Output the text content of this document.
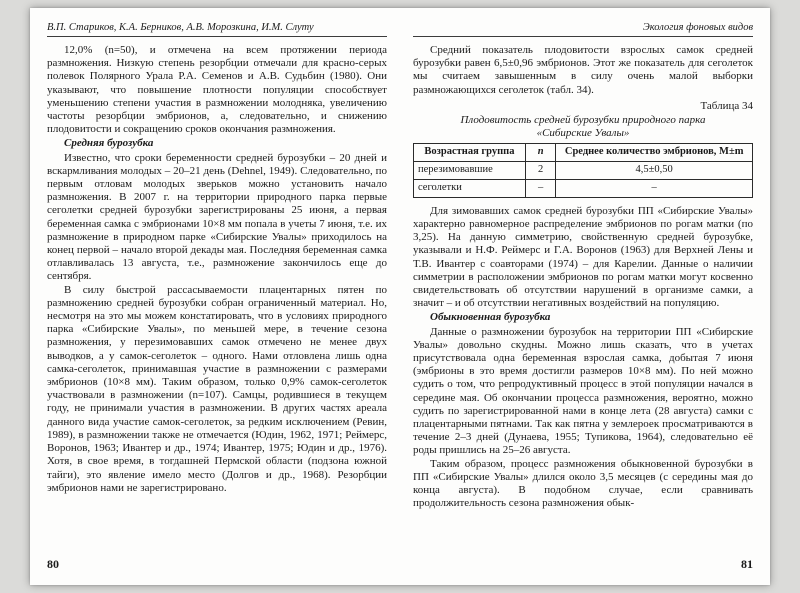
В.П. Стариков, К.А. Берников, А.В. Морозкина, И.М. Слуту

12,0% (n=50), и отмечена на всем протяжении периода размножения. Низкую степень резорбции отмечали для красно-серых полевок Полярного Урала Р.А. Семенов и А.В. Судьбин (1980). Они указывают, что повышение плотности популяции способствует уменьшению степени участия в размножении молодняка, увеличению частоты резорбции эмбрионов, а, следовательно, и снижению плодовитости и сокращению сроков окончания размножения.

Средняя бурозубка

Известно, что сроки беременности средней бурозубки – 20 дней и вскармливания молодых – 20–21 день (Dehnel, 1949). Следовательно, по первым отловам молодых зверьков можно установить начало размножения. В 2007 г. на территории природного парка первые сеголетки средней бурозубки зарегистрированы 25 июня, а первая беременная самка с эмбрионами 10×8 мм попала в учеты 7 июня, т.е. их размножение в природном парке «Сибирские Увалы» приходилось на конец первой – начало второй декады мая. Последняя беременная самка отлавливалась 13 августа, т.е., размножение закончилось еще до сентября.

В силу быстрой рассасываемости плацентарных пятен по размножению средней бурозубки собран ограниченный материал. Но, несмотря на это мы можем констатировать, что в условиях природного парка «Сибирские Увалы», по меньшей мере, в течение сезона размножения, у перезимовавших самок отмечено не менее двух выводков, а у самок-сеголеток – одного. Нами отловлена лишь одна самка-сеголеток, принимавшая участие в размножении с размерами эмбрионов (10×8 мм). Таким образом, только 0,9% самок-сеголеток участвовали в размножении (n=107). Самцы, родившиеся в текущем году, не принимали участия в размножении. В других частях ареала данного вида участие самок-сеголеток, за редким исключением (Ревин, 1989), в размножении также не отмечается (Юдин, 1962, 1971; Реймерс, Воронов, 1963; Ивантер и др., 1974; Ивантер, 1975; Юдин и др., 1976). Хотя, в свое время, в тогдашней Пермской области (подзона южной тайги), это явление имело место (Долгов и др., 1968). Резорбции эмбрионов нами не зарегистрировано.

80
Экология фоновых видов

Средний показатель плодовитости взрослых самок средней бурозубки равен 6,5±0,96 эмбрионов. Этот же показатель для сеголеток мы считаем завышенным в силу очень малой выборки размножающихся сеголеток (табл. 34).

Таблица 34
Плодовитость средней бурозубки природного парка «Сибирские Увалы»
Возрастная группа	n	Среднее количество эмбрионов, M±m
перезимовавшие	2	4,5±0,50
сеголетки	–	–

Для зимовавших самок средней бурозубки ПП «Сибирские Увалы» характерно равномерное распределение эмбрионов по рогам матки (по 3,25). На данную симметрию, свойственную средней бурозубке, указывали и Н.Ф. Реймерс и Г.А. Воронов (1963) для Верхней Лены и Т.В. Ивантер с соавторами (1974) – для Карелии. Данные о наличии симметрии в расположении эмбрионов по рогам матки могут косвенно свидетельствовать об отсутствии нарушений в организме самки, а значит – и об отсутствии негативных воздействий на популяцию.

Обыкновенная бурозубка

Данные о размножении бурозубок на территории ПП «Сибирские Увалы» довольно скудны. Можно лишь сказать, что в учетах присутствовала одна беременная взрослая самка, добытая 7 июня (эмбрионы в это время достигли размеров 10×8 мм). По ней можно судить о том, что репродуктивный процесс в этой популяции начался в середине мая. Об окончании процесса размножения, вероятно, можно судить по зарегистрированной нами в конце лета (28 августа) самки с плацентарными пятнами. Так как пятна у землероек просматриваются в течение 2–3 дней (Дунаева, 1955; Тупикова, 1964), следовательно её роды пришлись на 25–26 августа.

Таким образом, процесс размножения обыкновенной бурозубки в ПП «Сибирские Увалы» длился около 3,5 месяцев (с середины мая до конца августа). В подобном случае, если сравнивать продолжительность сезона размножения обык-

81
